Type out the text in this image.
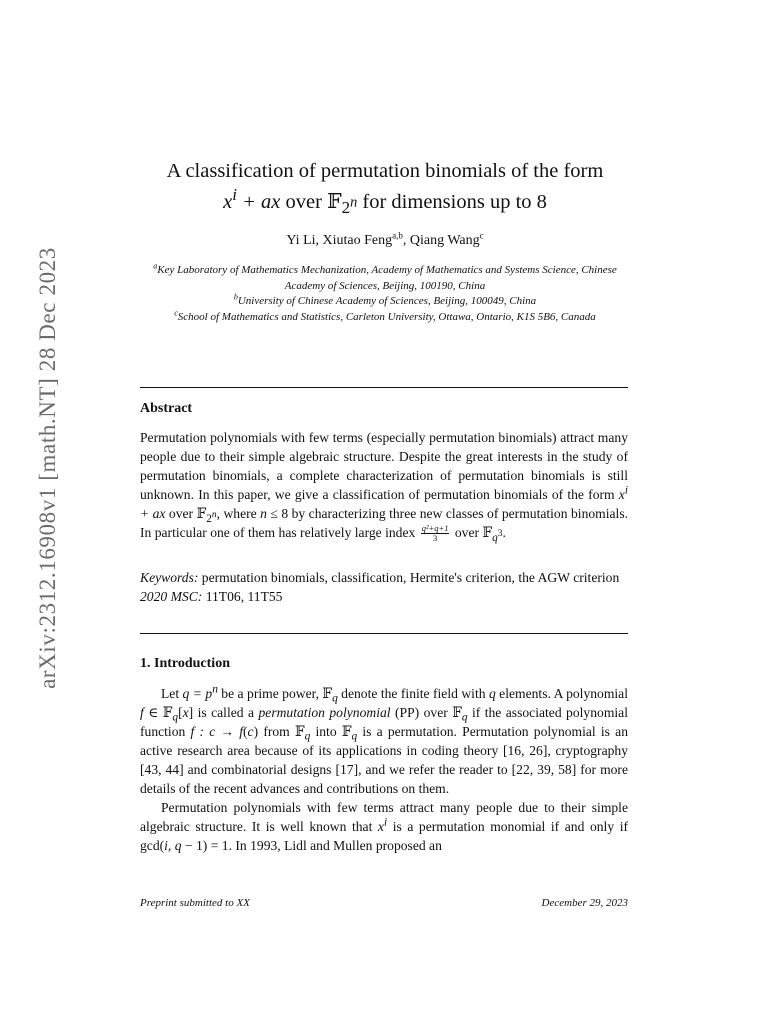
arXiv:2312.16908v1 [math.NT] 28 Dec 2023
A classification of permutation binomials of the form
$x^i$ + ax over 𝔽$_{2^n}$ for dimensions up to 8
Yi Li, Xiutao Feng$^{a,b}$, Qiang Wang$^c$
$^a$Key Laboratory of Mathematics Mechanization, Academy of Mathematics and Systems Science, Chinese Academy of Sciences, Beijing, 100190, China
$^b$University of Chinese Academy of Sciences, Beijing, 100049, China
$^c$School of Mathematics and Statistics, Carleton University, Ottawa, Ontario, K1S 5B6, Canada
Abstract
Permutation polynomials with few terms (especially permutation binomials) attract many people due to their simple algebraic structure. Despite the great interests in the study of permutation binomials, a complete characterization of permutation binomials is still unknown. In this paper, we give a classification of permutation binomials of the form $x^i$ + ax over 𝔽$_{2^n}$, where n ≤ 8 by characterizing three new classes of permutation binomials. In particular one of them has relatively large index $\frac{\text{q²+q+1}}{3}$ over 𝔽$_{q^3}$.
Keywords: permutation binomials, classification, Hermite's criterion, the AGW criterion
2020 MSC: 11T06, 11T55
1. Introduction

Let $q = p^n$ be a prime power, 𝔽$_q$ denote the finite field with q elements. A polynomial f ∈ 𝔽$_q$[x] is called a permutation polynomial (PP) over 𝔽$_q$ if the associated polynomial function f : c → f(c) from 𝔽$_q$ into 𝔽$_q$ is a permutation. Permutation polynomial is an active research area because of its applications in coding theory [16, 26], cryptography [43, 44] and combinatorial designs [17], and we refer the reader to [22, 39, 58] for more details of the recent advances and contributions on them.

Permutation polynomials with few terms attract many people due to their simple algebraic structure. It is well known that $x^i$ is a permutation monomial if and only if gcd(i, q − 1) = 1. In 1993, Lidl and Mullen proposed an

Preprint submitted to XX	December 29, 2023
